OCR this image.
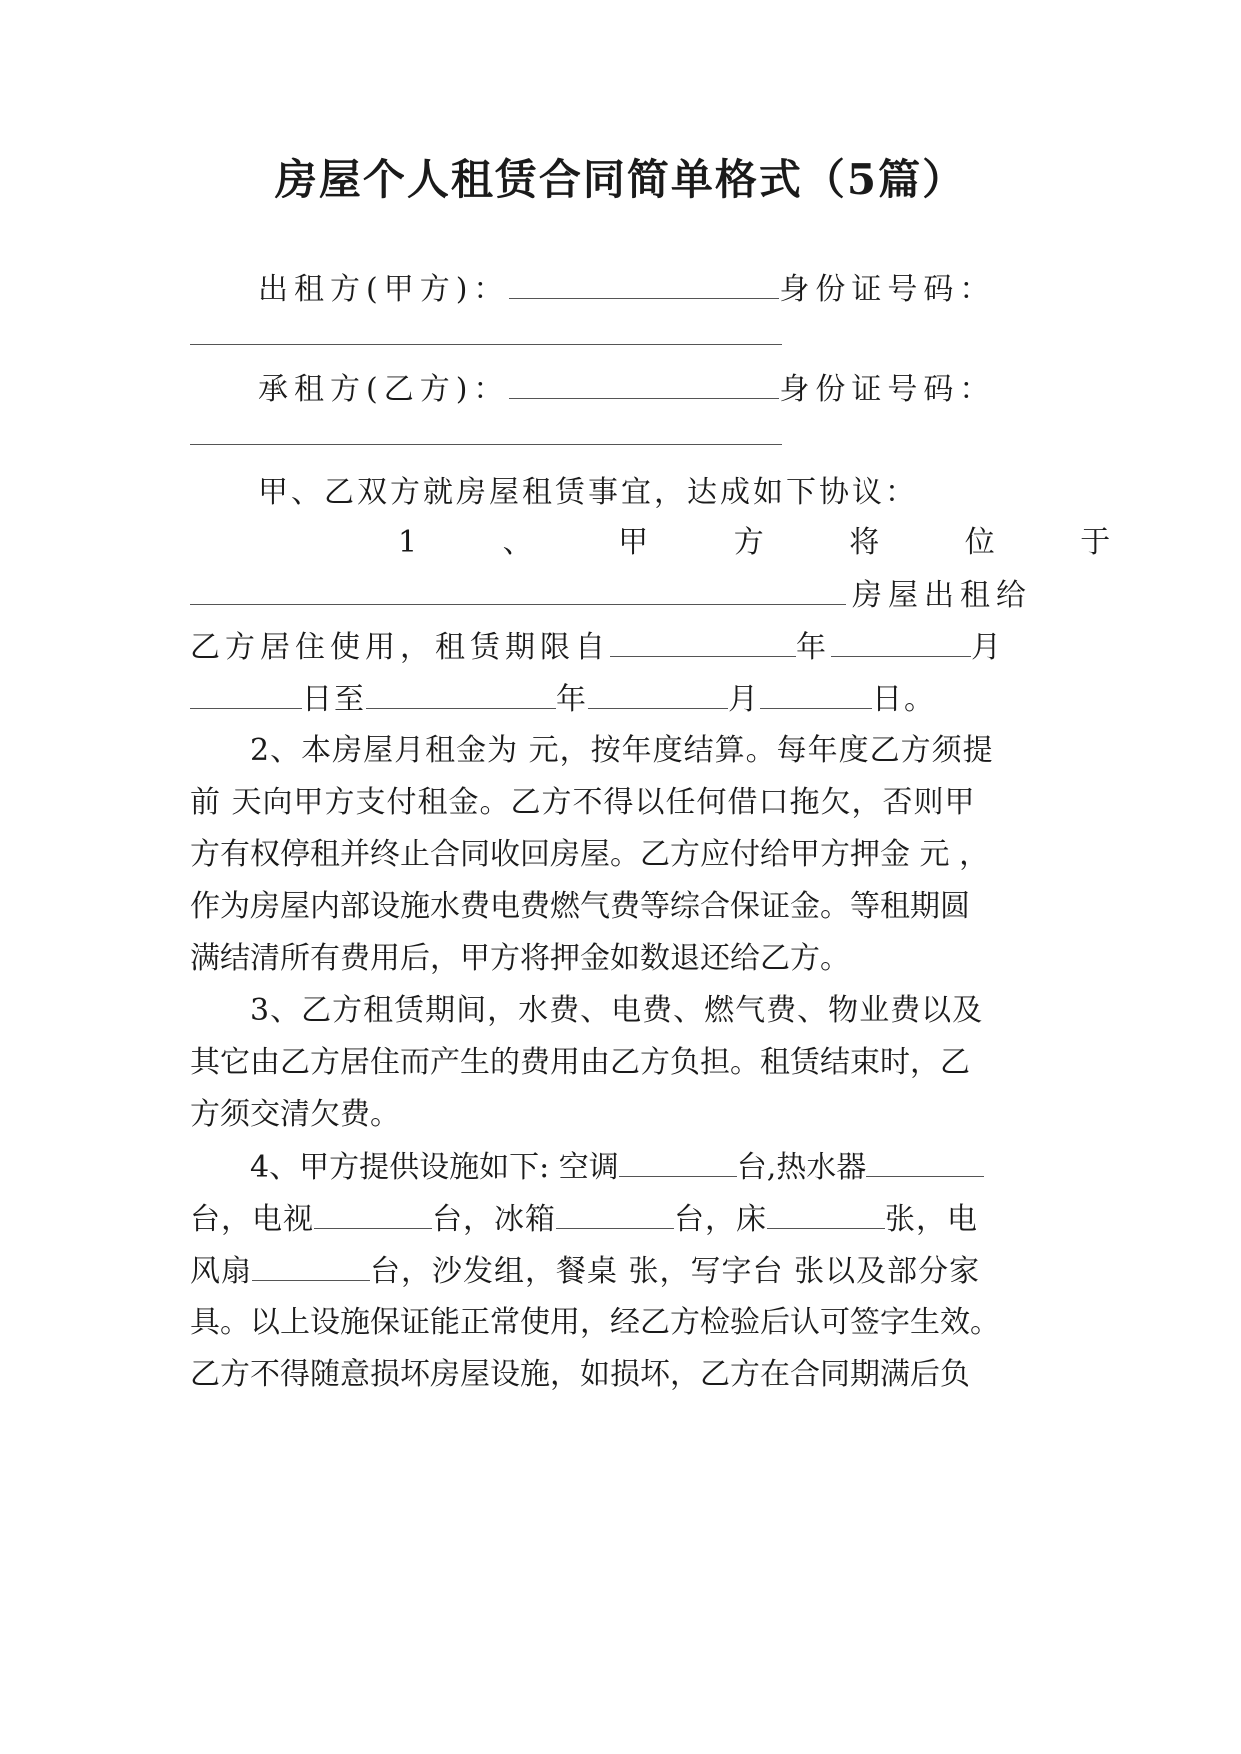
房屋个人租赁合同简单格式（5篇）
出租方(甲方)：	身份证号码：
承租方(乙方)：	身份证号码：
甲、乙双方就房屋租赁事宜，达成如下协议：
1 、 甲 方 将 位 于
房屋出租给
乙方居住使用，租赁期限自	年	月
日至	年	月	日。
2、本房屋月租金为 元，按年度结算。每年度乙方须提
前 天向甲方支付租金。乙方不得以任何借口拖欠，否则甲
方有权停租并终止合同收回房屋。乙方应付给甲方押金 元 ，
作为房屋内部设施水费电费燃气费等综合保证金。等租期圆
满结清所有费用后，甲方将押金如数退还给乙方。
3、乙方租赁期间，水费、电费、燃气费、物业费以及
其它由乙方居住而产生的费用由乙方负担。租赁结束时，乙
方须交清欠费。
4、甲方提供设施如下: 空调	台,热水器
台，电视	台，冰箱	台，床	张，电
风扇	台，沙发组，餐桌 张，写字台 张以及部分家
具。以上设施保证能正常使用，经乙方检验后认可签字生效。
乙方不得随意损坏房屋设施，如损坏，乙方在合同期满后负
